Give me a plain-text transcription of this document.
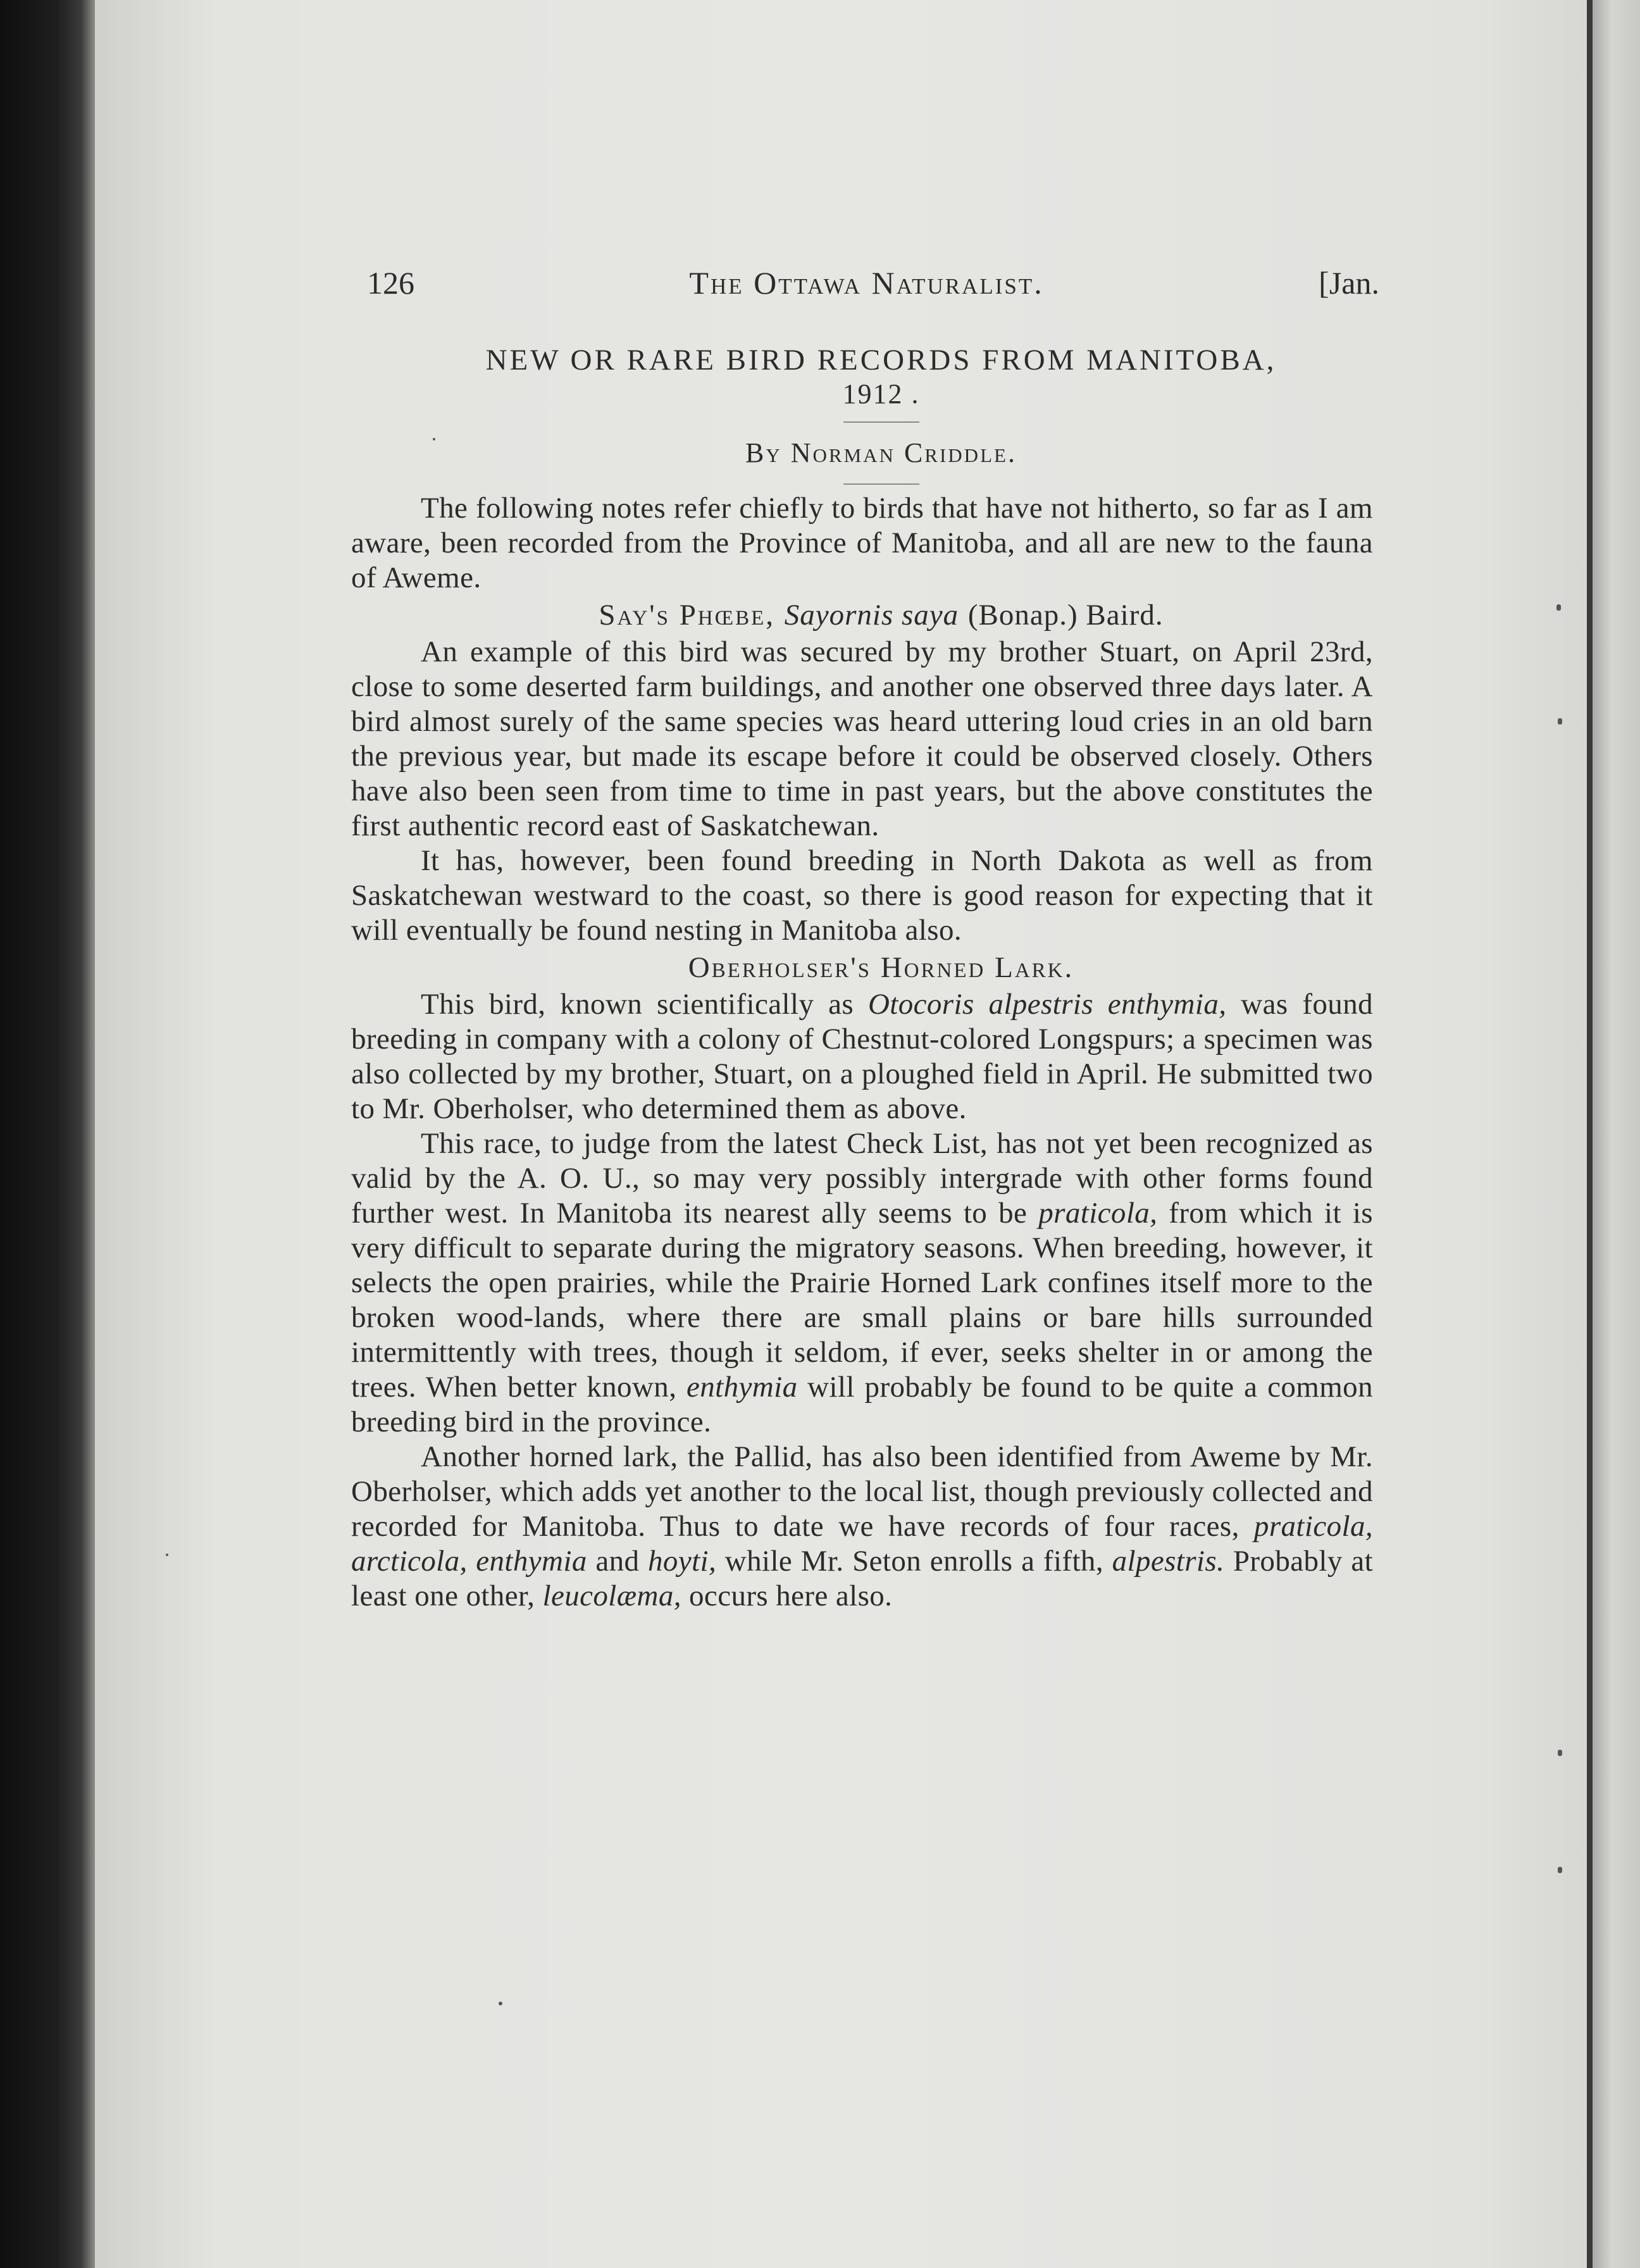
126	The Ottawa Naturalist.	[Jan.
NEW OR RARE BIRD RECORDS FROM MANITOBA,
1912 .
By Norman Criddle.

The following notes refer chiefly to birds that have not hitherto, so far as I am aware, been recorded from the Province of Manitoba, and all are new to the fauna of Aweme.

Say's Phœbe, Sayornis saya (Bonap.) Baird.

An example of this bird was secured by my brother Stuart, on April 23rd, close to some deserted farm buildings, and another one observed three days later. A bird almost surely of the same species was heard uttering loud cries in an old barn the previous year, but made its escape before it could be observed closely. Others have also been seen from time to time in past years, but the above constitutes the first authentic record east of Saskatchewan.

It has, however, been found breeding in North Dakota as well as from Saskatchewan westward to the coast, so there is good reason for expecting that it will eventually be found nesting in Manitoba also.

Oberholser's Horned Lark.

This bird, known scientifically as Otocoris alpestris enthymia, was found breeding in company with a colony of Chestnut-colored Longspurs; a specimen was also collected by my brother, Stuart, on a ploughed field in April. He submitted two to Mr. Oberholser, who determined them as above.

This race, to judge from the latest Check List, has not yet been recognized as valid by the A. O. U., so may very possibly intergrade with other forms found further west. In Manitoba its nearest ally seems to be praticola, from which it is very difficult to separate during the migratory seasons. When breeding, however, it selects the open prairies, while the Prairie Horned Lark confines itself more to the broken wood-lands, where there are small plains or bare hills surrounded intermittently with trees, though it seldom, if ever, seeks shelter in or among the trees. When better known, enthymia will probably be found to be quite a common breeding bird in the province.

Another horned lark, the Pallid, has also been identified from Aweme by Mr. Oberholser, which adds yet another to the local list, though previously collected and recorded for Manitoba. Thus to date we have records of four races, praticola, arcticola, enthymia and hoyti, while Mr. Seton enrolls a fifth, alpestris. Probably at least one other, leucolæma, occurs here also.
